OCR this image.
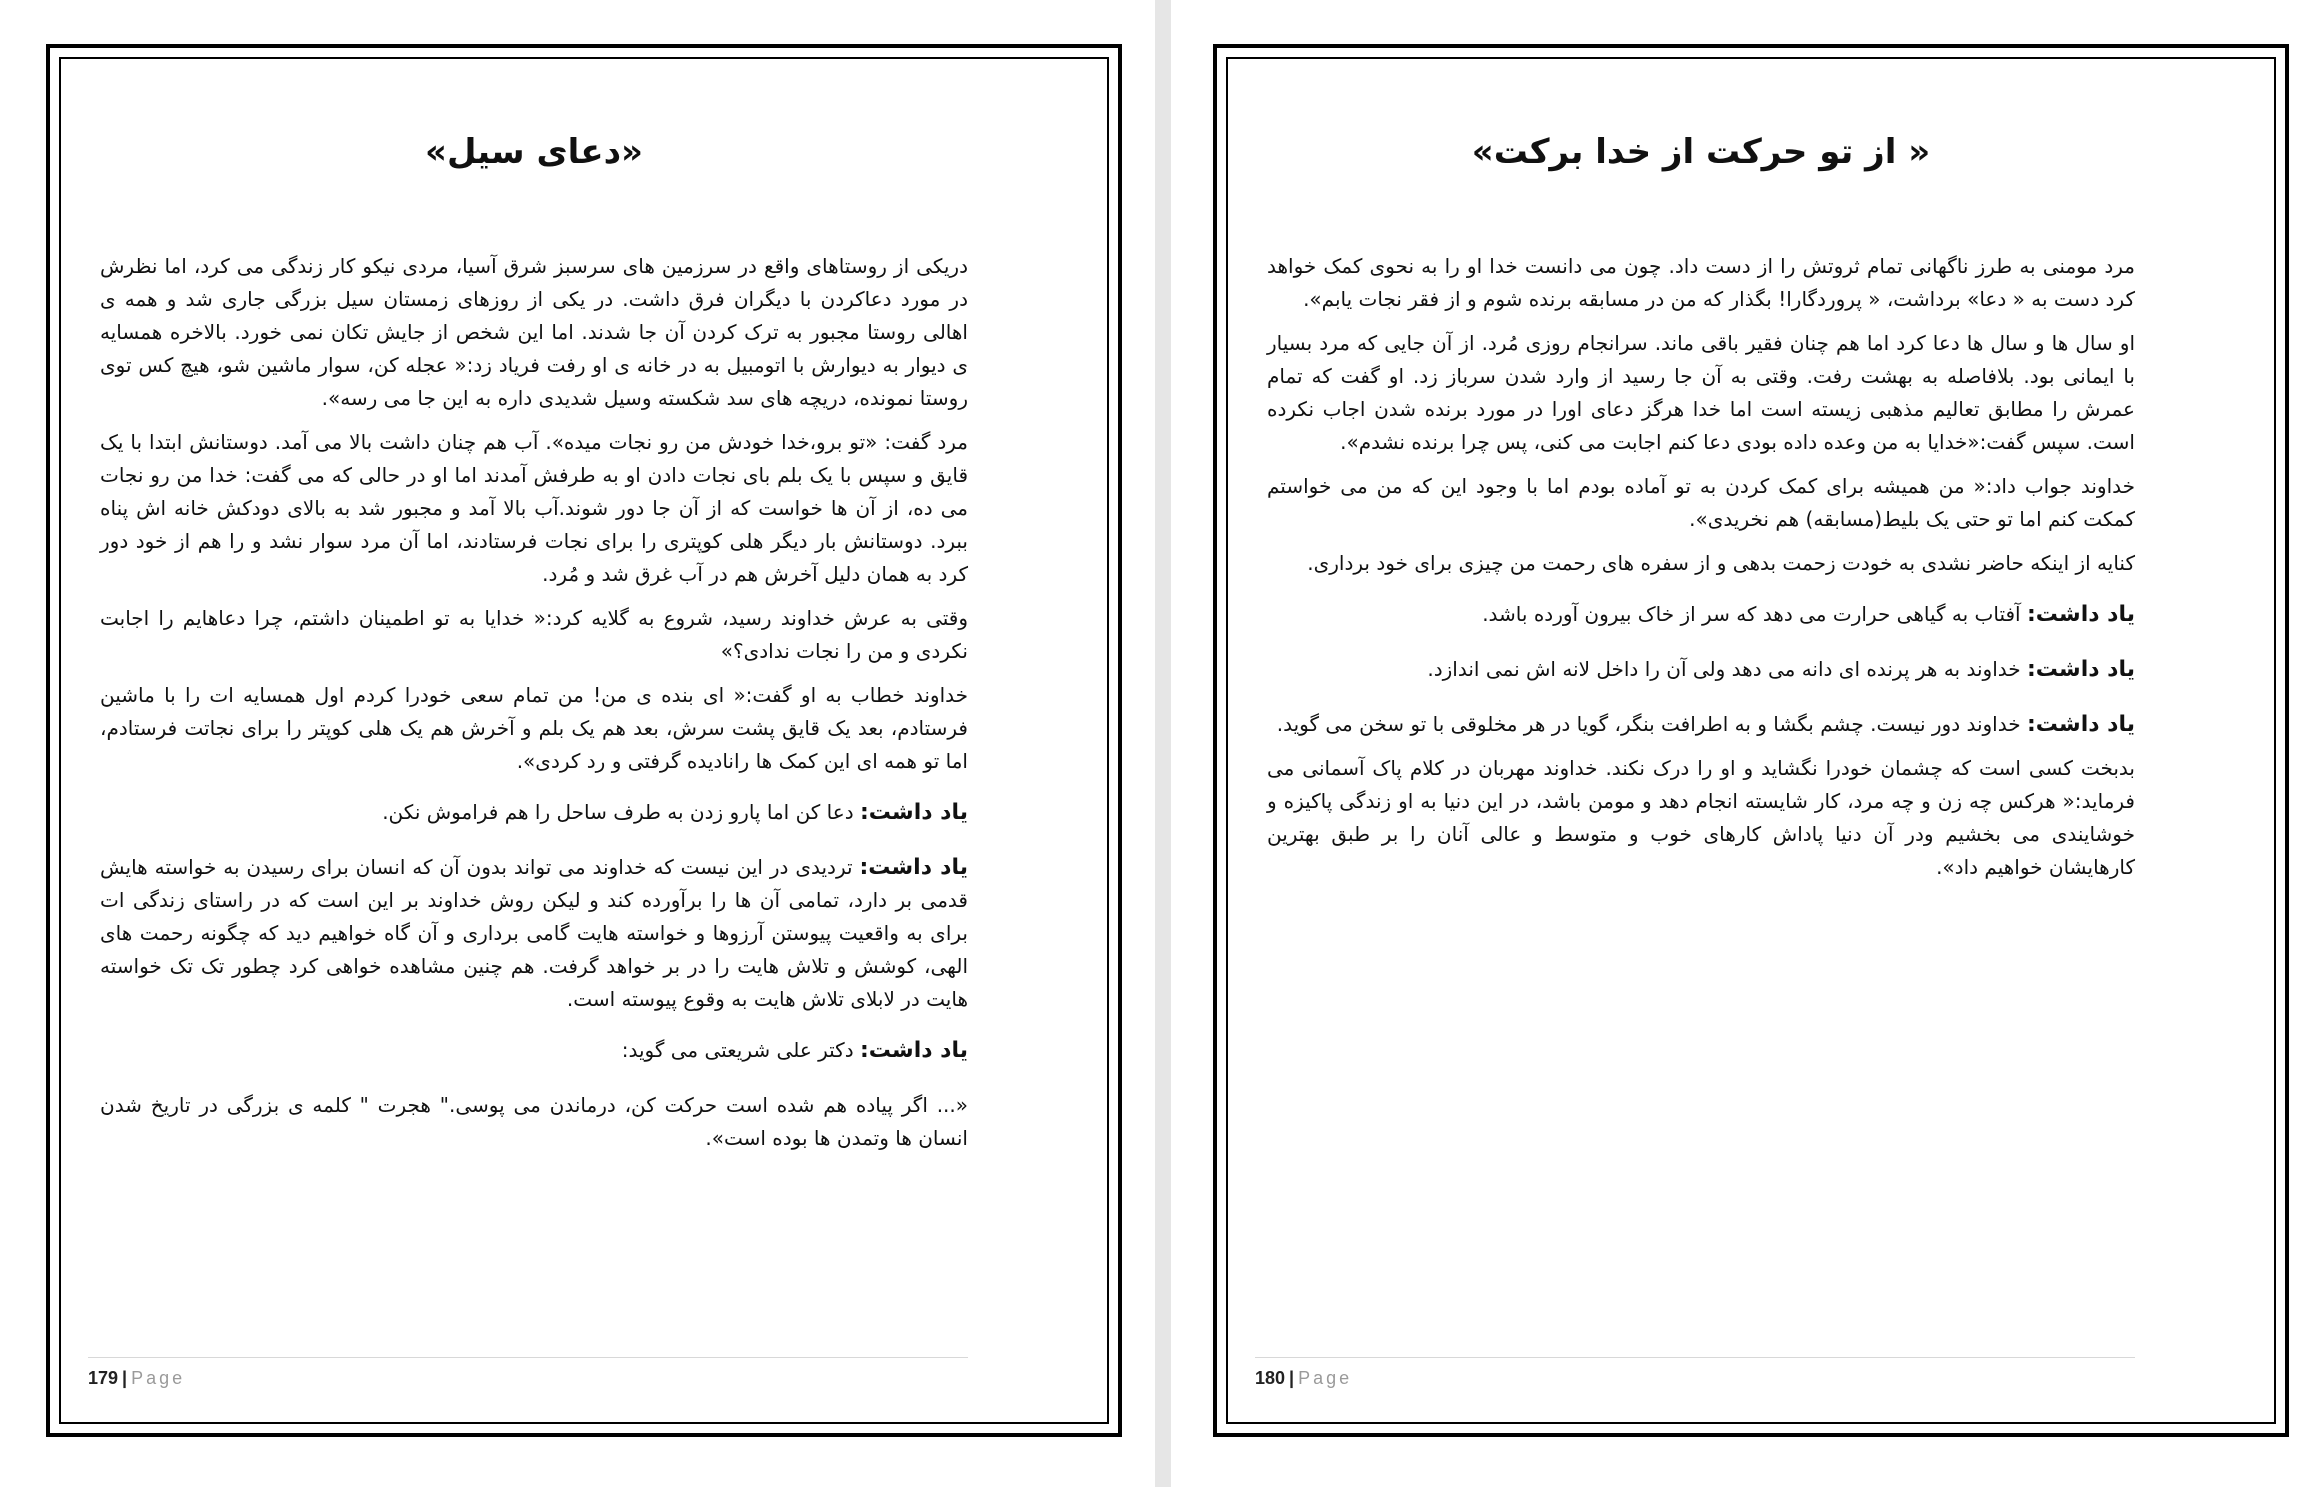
«دعای سیل»

دریکی از روستاهای واقع در سرزمین های سرسبز شرق آسیا، مردی نیکو کار زندگی می کرد، اما نظرش در مورد دعاکردن با دیگران فرق داشت. در یکی از روزهای زمستان سیل بزرگی جاری شد و همه ی اهالی روستا مجبور به ترک کردن آن جا شدند. اما این شخص از جایش تکان نمی خورد. بالاخره همسایه ی دیوار به دیوارش با اتومبیل به در خانه ی او رفت فریاد زد:« عجله کن، سوار ماشین شو، هیچ کس توی روستا نمونده، دریچه های سد شکسته وسیل شدیدی داره به این جا می رسه».

مرد گفت: «تو برو،خدا خودش من رو نجات میده». آب هم چنان داشت بالا می آمد. دوستانش ابتدا با یک قایق و سپس با یک بلم بای نجات دادن او به طرفش آمدند اما او در حالی که می گفت: خدا من رو نجات می ده، از آن ها خواست که از آن جا دور شوند.آب بالا آمد و مجبور شد به بالای دودکش خانه اش پناه ببرد. دوستانش بار دیگر هلی کوپتری را برای نجات فرستادند، اما آن مرد سوار نشد و را هم از خود دور کرد به همان دلیل آخرش هم در آب غرق شد و مُرد.

وقتی به عرش خداوند رسید، شروع به گلایه کرد:« خدایا به تو اطمینان داشتم، چرا دعاهایم را اجابت نکردی و من را نجات ندادی؟»

خداوند خطاب به او گفت:« ای بنده ی من! من تمام سعی خودرا کردم اول همسایه ات را با ماشین فرستادم، بعد یک قایق پشت سرش، بعد هم یک بلم و آخرش هم یک هلی کوپتر را برای نجاتت فرستادم، اما تو همه ای این کمک ها رانادیده گرفتی و رد کردی».

یاد داشت: دعا کن اما پارو زدن به طرف ساحل را هم فراموش نکن.

یاد داشت: تردیدی در این نیست که خداوند می تواند بدون آن که انسان برای رسیدن به خواسته هایش قدمی بر دارد، تمامی آن ها را برآورده کند و لیکن روش خداوند بر این است که در راستای زندگی ات برای به واقعیت پیوستن آرزوها و خواسته هایت گامی برداری و آن گاه خواهیم دید که چگونه رحمت های الهی، کوشش و تلاش هایت را در بر خواهد گرفت. هم چنین مشاهده خواهی کرد چطور تک تک خواسته هایت در لابلای تلاش هایت به وقوع پیوسته است.

یاد داشت: دکتر علی شریعتی می گوید:

«... اگر پیاده هم شده است حرکت کن، درماندن می پوسی." هجرت " کلمه ی بزرگی در تاریخ شدن انسان ها وتمدن ها بوده است».

179 | Page
« از تو حرکت از خدا برکت»

مرد مومنی به طرز ناگهانی تمام ثروتش را از دست داد. چون می دانست خدا او را به نحوی کمک خواهد کرد دست به « دعا» برداشت، « پروردگارا! بگذار که من در مسابقه برنده شوم و از فقر نجات یابم».

او سال ها و سال ها دعا کرد اما هم چنان فقیر باقی ماند. سرانجام روزی مُرد. از آن جایی که مرد بسیار با ایمانی بود. بلافاصله به بهشت رفت. وقتی به آن جا رسید از وارد شدن سرباز زد. او گفت که تمام عمرش را مطابق تعالیم مذهبی زیسته است اما خدا هرگز دعای اورا در مورد برنده شدن اجاب نکرده است. سپس گفت:«خدایا به من وعده داده بودی دعا کنم اجابت می کنی، پس چرا برنده نشدم».

خداوند جواب داد:« من همیشه برای کمک کردن به تو آماده بودم اما با وجود این که من می خواستم کمکت کنم اما تو حتی یک بلیط(مسابقه) هم نخریدی».

کنایه از اینکه حاضر نشدی به خودت زحمت بدهی و از سفره های رحمت من چیزی برای خود برداری.

یاد داشت: آفتاب به گیاهی حرارت می دهد که سر از خاک بیرون آورده باشد.

یاد داشت: خداوند به هر پرنده ای دانه می دهد ولی آن را داخل لانه اش نمی اندازد.

یاد داشت: خداوند دور نیست. چشم بگشا و به اطرافت بنگر، گویا در هر مخلوقی با تو سخن می گوید.

بدبخت کسی است که چشمان خودرا نگشاید و او را درک نکند. خداوند مهربان در کلام پاک آسمانی می فرماید:« هرکس چه زن و چه مرد، کار شایسته انجام دهد و مومن باشد، در این دنیا به او زندگی پاکیزه و خوشایندی می بخشیم ودر آن دنیا پاداش کارهای خوب و متوسط و عالی آنان را بر طبق بهترین کارهایشان خواهیم داد».

180 | Page
